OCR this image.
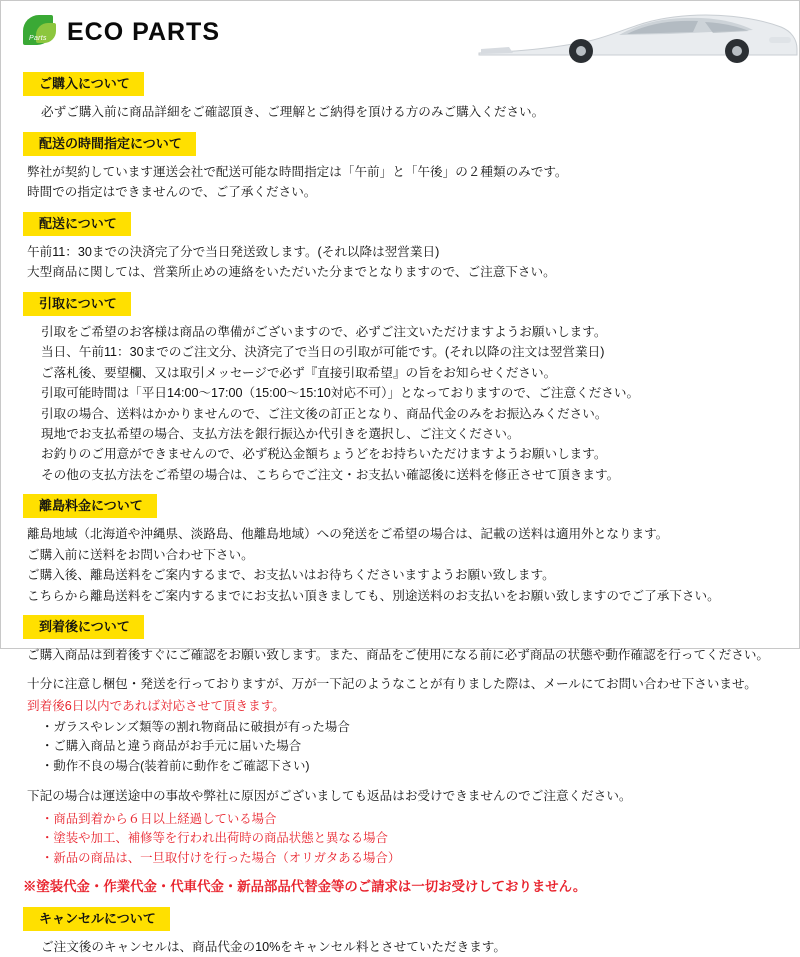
Parts ECO PARTS
ご購入について

必ずご購入前に商品詳細をご確認頂き、ご理解とご納得を頂ける方のみご購入ください。

配送の時間指定について

弊社が契約しています運送会社で配送可能な時間指定は「午前」と「午後」の２種類のみです。

時間での指定はできませんので、ご了承ください。

配送について

午前11：30までの決済完了分で当日発送致します。(それ以降は翌営業日)

大型商品に関しては、営業所止めの連絡をいただいた分までとなりますので、ご注意下さい。

引取について

引取をご希望のお客様は商品の準備がございますので、必ずご注文いただけますようお願いします。

当日、午前11：30までのご注文分、決済完了で当日の引取が可能です。(それ以降の注文は翌営業日)

ご落札後、要望欄、又は取引メッセージで必ず『直接引取希望』の旨をお知らせください。

引取可能時間は「平日14:00～17:00（15:00～15:10対応不可）」となっておりますので、ご注意ください。

引取の場合、送料はかかりませんので、ご注文後の訂正となり、商品代金のみをお振込みください。

現地でお支払希望の場合、支払方法を銀行振込か代引きを選択し、ご注文ください。

お釣りのご用意ができませんので、必ず税込金額ちょうどをお持ちいただけますようお願いします。

その他の支払方法をご希望の場合は、こちらでご注文・お支払い確認後に送料を修正させて頂きます。

離島料金について

離島地域（北海道や沖縄県、淡路島、他離島地域）への発送をご希望の場合は、記載の送料は適用外となります。

ご購入前に送料をお問い合わせ下さい。

ご購入後、離島送料をご案内するまで、お支払いはお待ちくださいますようお願い致します。

こちらから離島送料をご案内するまでにお支払い頂きましても、別途送料のお支払いをお願い致しますのでご了承下さい。

到着後について

ご購入商品は到着後すぐにご確認をお願い致します。また、商品をご使用になる前に必ず商品の状態や動作確認を行ってください。

十分に注意し梱包・発送を行っておりますが、万が一下記のようなことが有りました際は、メールにてお問い合わせ下さいませ。

到着後6日以内であれば対応させて頂きます。

・ガラスやレンズ類等の割れ物商品に破損が有った場合

・ご購入商品と違う商品がお手元に届いた場合

・動作不良の場合(装着前に動作をご確認下さい)

下記の場合は運送途中の事故や弊社に原因がございましても返品はお受けできませんのでご注意ください。

・商品到着から６日以上経過している場合

・塗装や加工、補修等を行われ出荷時の商品状態と異なる場合

・新品の商品は、一旦取付けを行った場合（オリガタある場合）

※塗装代金・作業代金・代車代金・新品部品代替金等のご請求は一切お受けしておりません。
キャンセルについて

ご注文後のキャンセルは、商品代金の10%をキャンセル料とさせていただきます。
